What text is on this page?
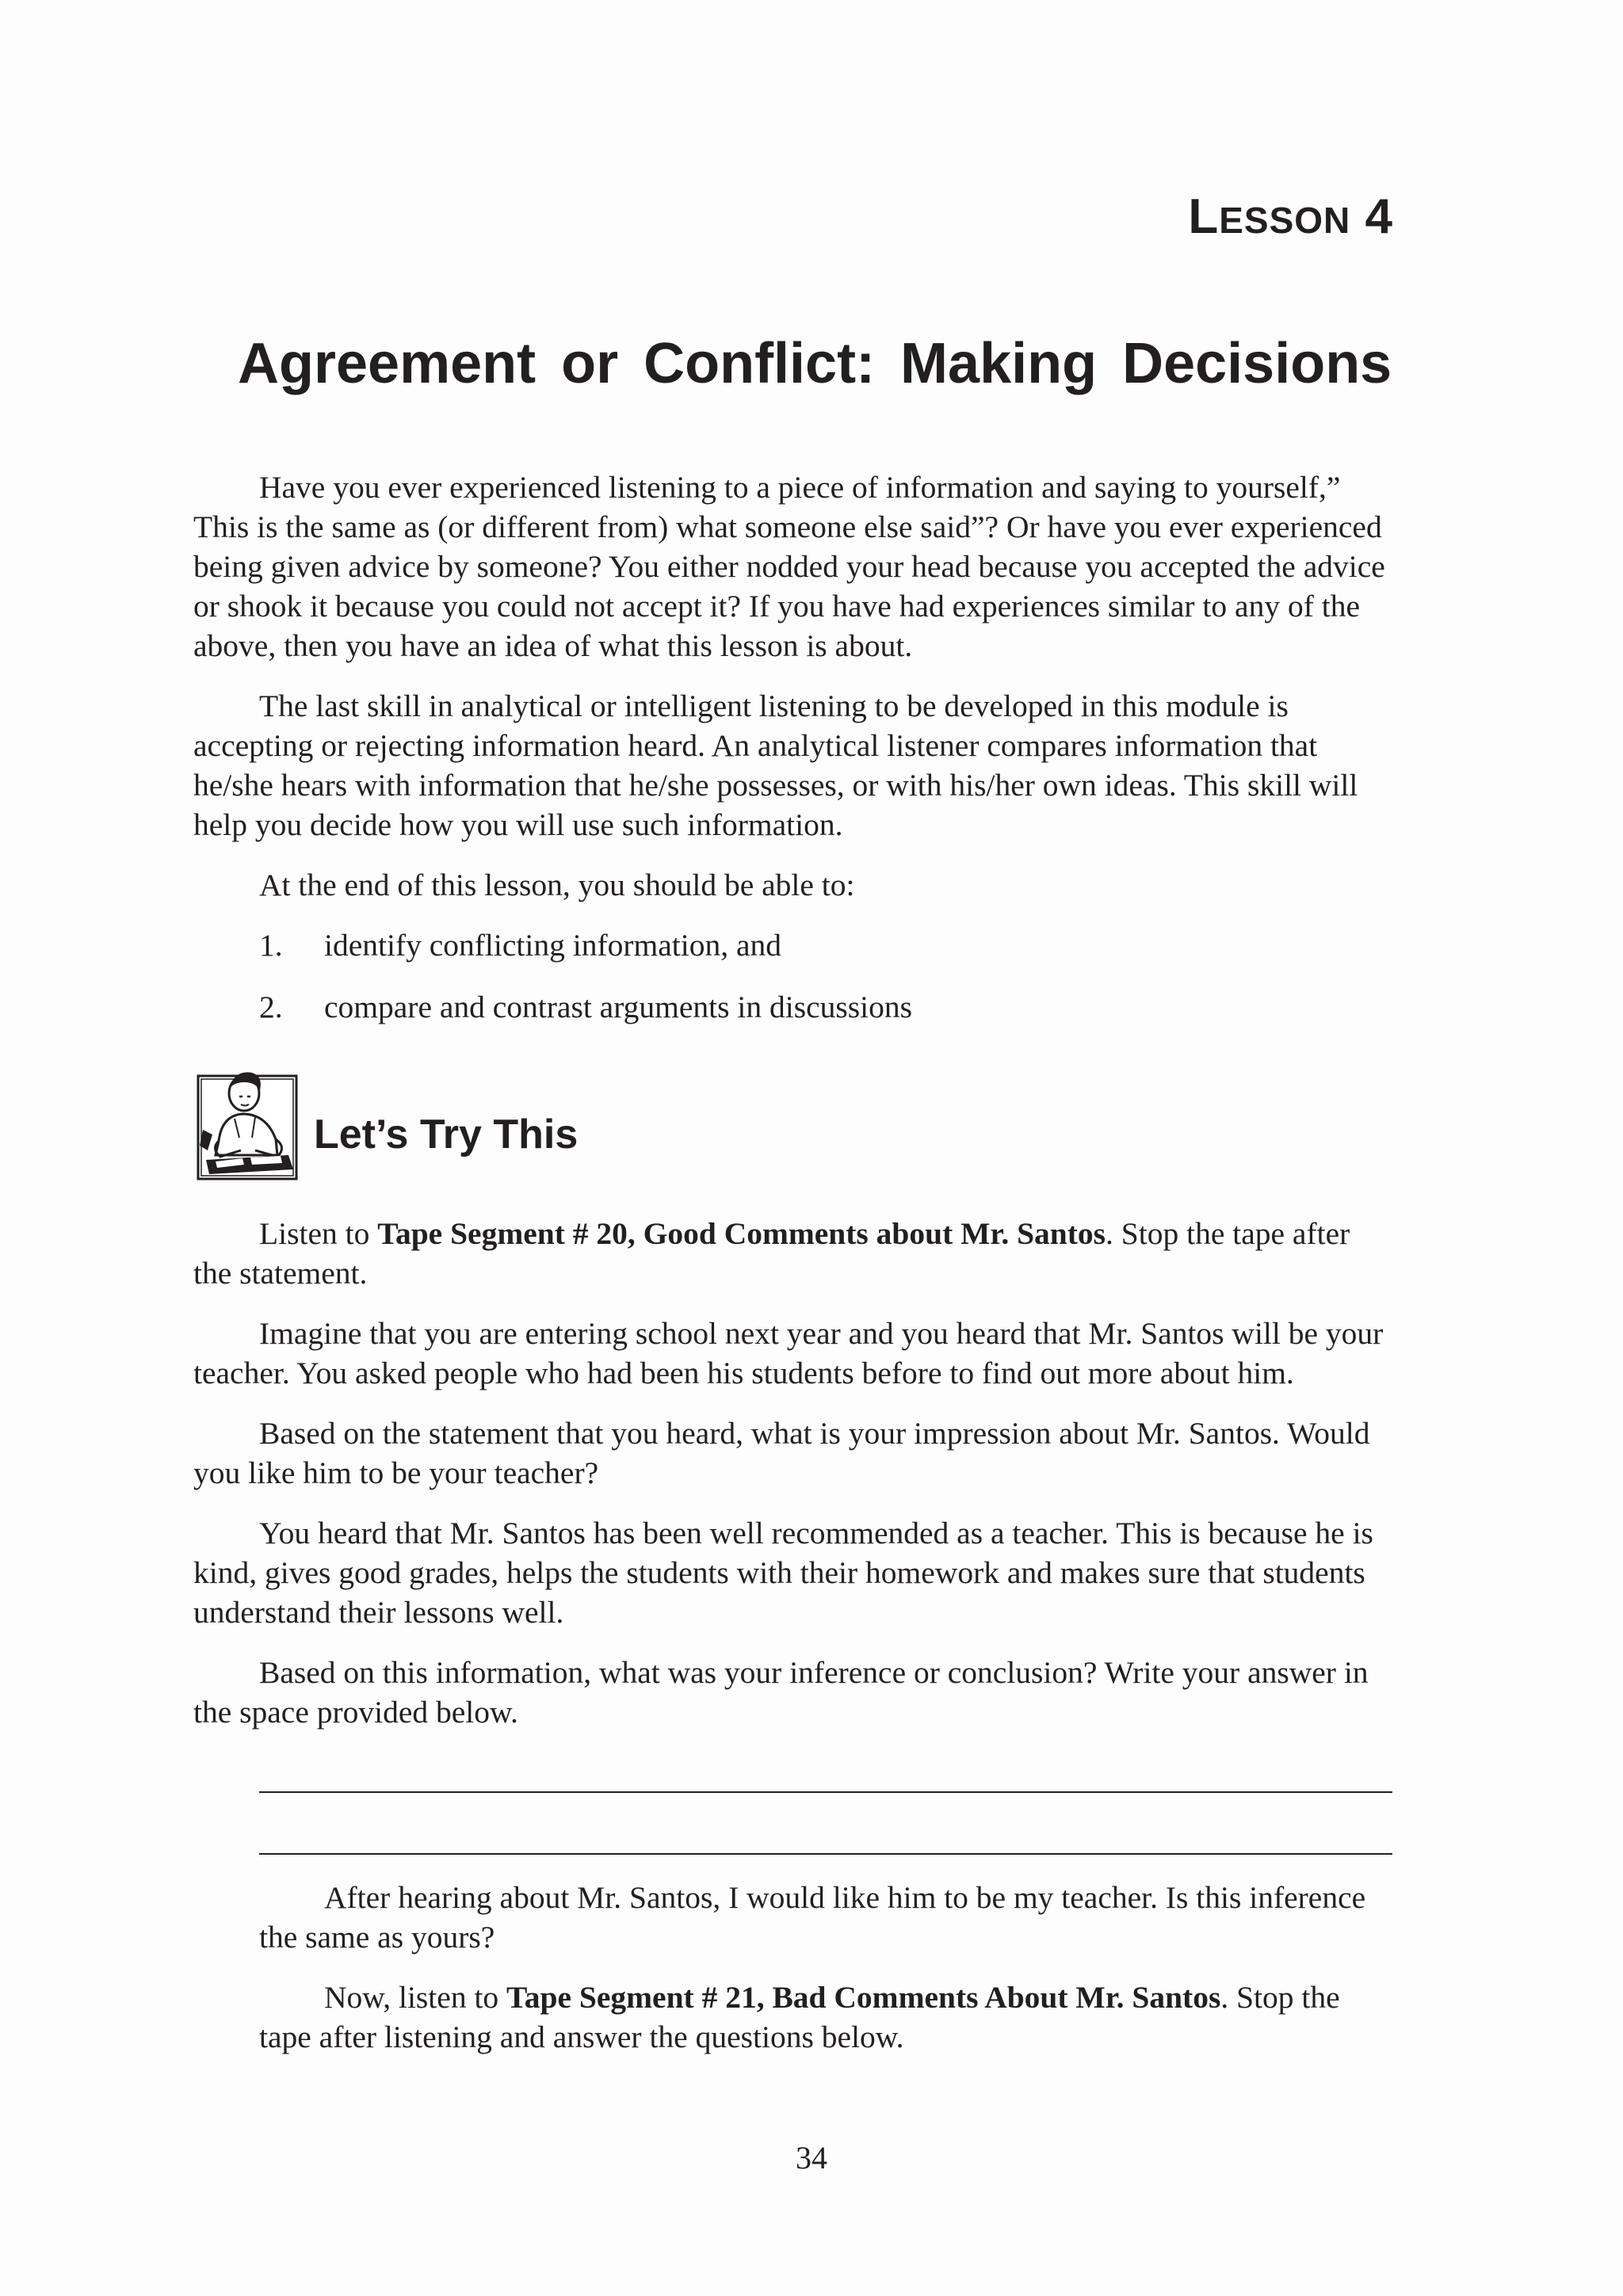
LESSON 4
Agreement or Conflict: Making Decisions

Have you ever experienced listening to a piece of information and saying to yourself,” This is the same as (or different from) what someone else said”? Or have you ever experienced being given advice by someone? You either nodded your head because you accepted the advice or shook it because you could not accept it? If you have had experiences similar to any of the above, then you have an idea of what this lesson is about.

The last skill in analytical or intelligent listening to be developed in this module is accepting or rejecting information heard. An analytical listener compares information that he/she hears with information that he/she possesses, or with his/her own ideas. This skill will help you decide how you will use such information.

At the end of this lesson, you should be able to:

1. identify conflicting information, and
2. compare and contrast arguments in discussions
Let’s Try This

Listen to Tape Segment # 20, Good Comments about Mr. Santos. Stop the tape after the statement.

Imagine that you are entering school next year and you heard that Mr. Santos will be your teacher. You asked people who had been his students before to find out more about him.

Based on the statement that you heard, what is your impression about Mr. Santos. Would you like him to be your teacher?

You heard that Mr. Santos has been well recommended as a teacher. This is because he is kind, gives good grades, helps the students with their homework and makes sure that students understand their lessons well.

Based on this information, what was your inference or conclusion? Write your answer in the space provided below.

After hearing about Mr. Santos, I would like him to be my teacher. Is this inference the same as yours?

Now, listen to Tape Segment # 21, Bad Comments About Mr. Santos. Stop the tape after listening and answer the questions below.

34
